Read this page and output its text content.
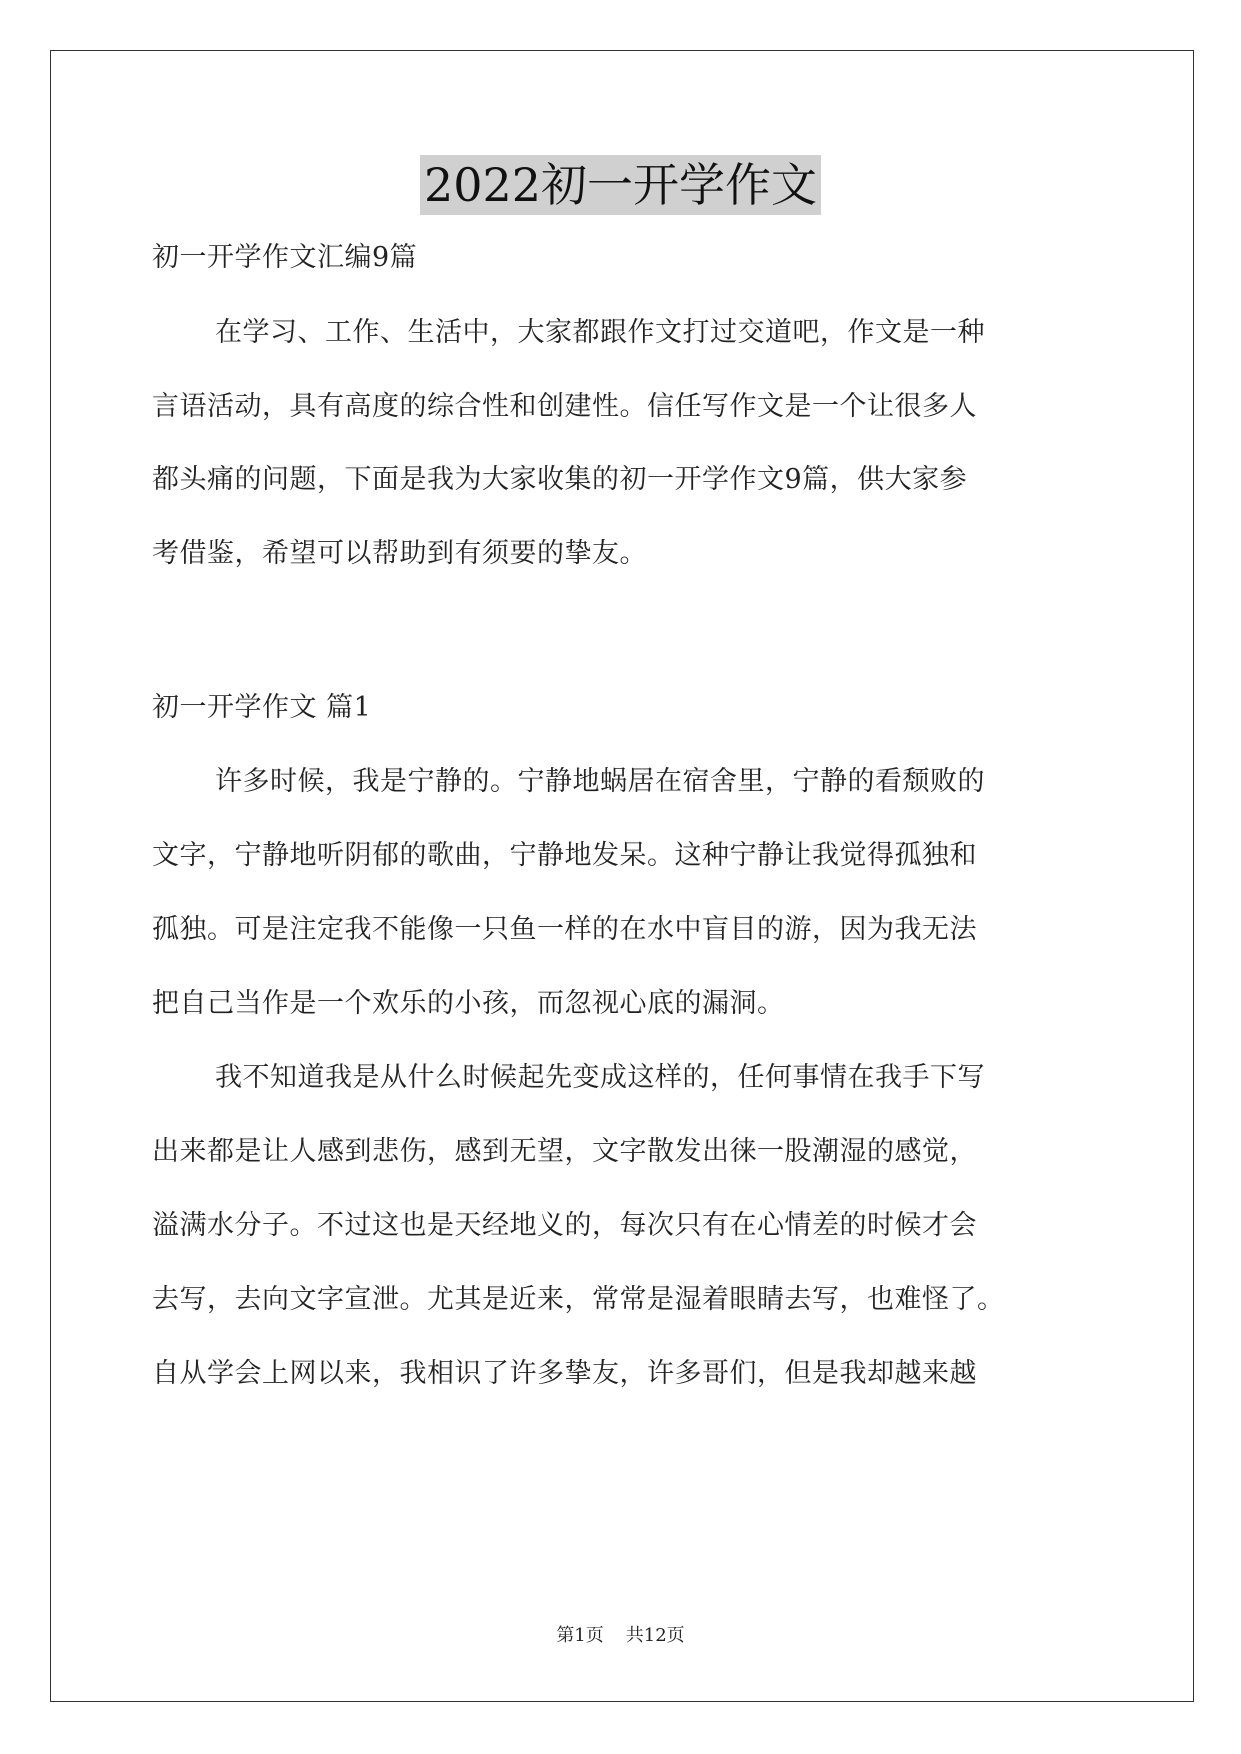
2022初一开学作文
初一开学作文汇编9篇
在学习、工作、生活中，大家都跟作文打过交道吧，作文是一种
言语活动，具有高度的综合性和创建性。信任写作文是一个让很多人
都头痛的问题，下面是我为大家收集的初一开学作文9篇，供大家参
考借鉴，希望可以帮助到有须要的挚友。
初一开学作文 篇1
许多时候，我是宁静的。宁静地蜗居在宿舍里，宁静的看颓败的
文字，宁静地听阴郁的歌曲，宁静地发呆。这种宁静让我觉得孤独和
孤独。可是注定我不能像一只鱼一样的在水中盲目的游，因为我无法
把自己当作是一个欢乐的小孩，而忽视心底的漏洞。
我不知道我是从什么时候起先变成这样的，任何事情在我手下写
出来都是让人感到悲伤，感到无望，文字散发出徕一股潮湿的感觉，
溢满水分子。不过这也是天经地义的，每次只有在心情差的时候才会
去写，去向文字宣泄。尤其是近来，常常是湿着眼睛去写，也难怪了。
自从学会上网以来，我相识了许多挚友，许多哥们，但是我却越来越
第1页 共12页
